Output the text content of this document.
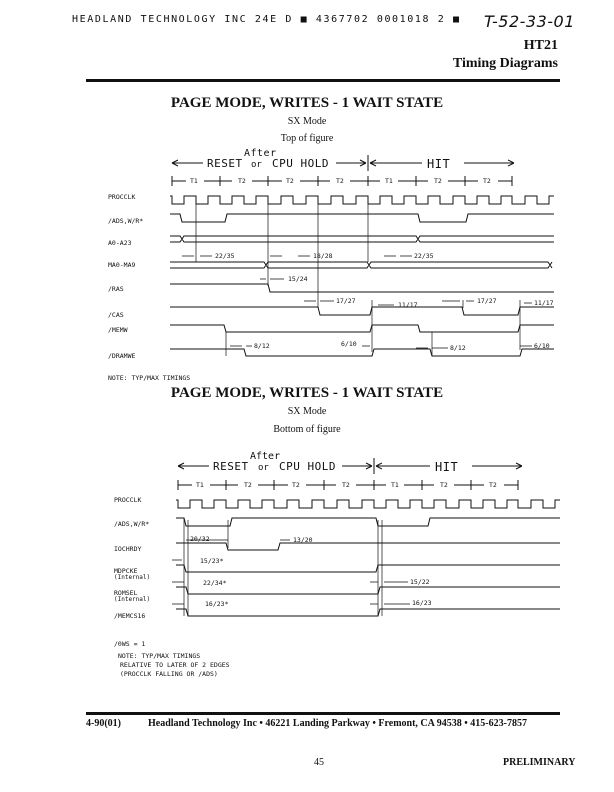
HEADLAND TECHNOLOGY INC 24E D ■ 4367702 0001018 2 ■ T-52-33-01
HT21
Timing Diagrams
PAGE MODE, WRITES - 1 WAIT STATE
SX Mode
Top of figure
After
RESET or CPU HOLD	HIT
T1	T2	T2	T2	T1	T2	T2
PROCCLK
/ADS,W/R*
A0-A23
MA0-MA9
/RAS
/CAS
/MEMW
/DRAMWE
22/35	18/28	22/35
15/24
17/27	11/17	17/27	11/17
8/12	6/10	8/12	6/10
NOTE: TYP/MAX TIMINGS
PAGE MODE, WRITES - 1 WAIT STATE
SX Mode
Bottom of figure
After
RESET or CPU HOLD	HIT
T1	T2	T2	T2	T1	T2	T2
PROCCLK
/ADS,W/R*
IOCHRDY
MDPCKE
(Internal)
ROMSEL
(Internal)
/MEMCS16
20/32	13/20
15/23*
22/34*	15/22
16/23*	16/23
/0WS = 1
NOTE: TYP/MAX TIMINGS
RELATIVE TO LATER OF 2 EDGES
(PROCCLK FALLING OR /ADS)
4-90(01)	Headland Technology Inc • 46221 Landing Parkway • Fremont, CA 94538 • 415-623-7857
45	PRELIMINARY
